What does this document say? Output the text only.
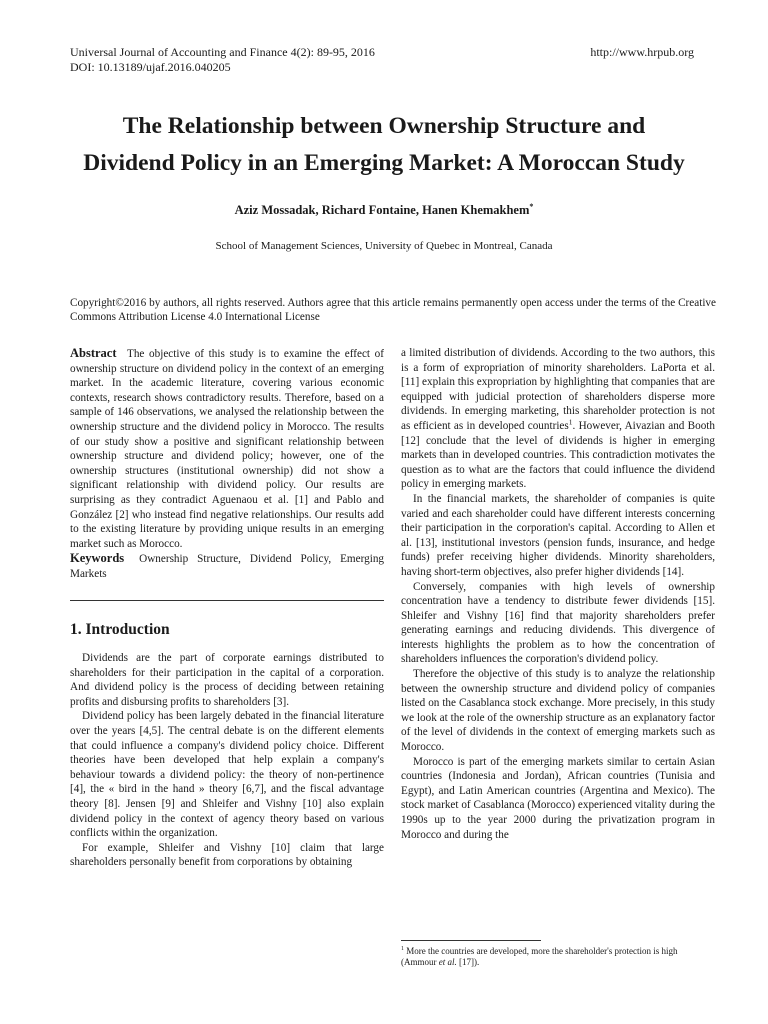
Universal Journal of Accounting and Finance 4(2): 89-95, 2016
DOI: 10.13189/ujaf.2016.040205
http://www.hrpub.org
The Relationship between Ownership Structure and
Dividend Policy in an Emerging Market: A Moroccan Study
Aziz Mossadak, Richard Fontaine, Hanen Khemakhem*
School of Management Sciences, University of Quebec in Montreal, Canada
Copyright©2016 by authors, all rights reserved. Authors agree that this article remains permanently open access under the terms of the Creative Commons Attribution License 4.0 International License

Abstract The objective of this study is to examine the effect of ownership structure on dividend policy in the context of an emerging market. In the academic literature, covering various economic contexts, research shows contradictory results. Therefore, based on a sample of 146 observations, we analysed the relationship between the ownership structure and the dividend policy in Morocco. The results of our study show a positive and significant relationship between ownership structure and dividend policy; however, one of the ownership structures (institutional ownership) did not show a significant relationship with dividend policy. Our results are surprising as they contradict Aguenaou et al. [1] and Pablo and González [2] who instead find negative relationships. Our results add to the existing literature by providing unique results in an emerging market such as Morocco.

Keywords Ownership Structure, Dividend Policy, Emerging Markets

1. Introduction

Dividends are the part of corporate earnings distributed to shareholders for their participation in the capital of a corporation. And dividend policy is the process of deciding between retaining profits and disbursing profits to shareholders [3].

Dividend policy has been largely debated in the financial literature over the years [4,5]. The central debate is on the different elements that could influence a company's dividend policy choice. Different theories have been developed that help explain a company's behaviour towards a dividend policy: the theory of non-pertinence [4], the « bird in the hand » theory [6,7], and the fiscal advantage theory [8]. Jensen [9] and Shleifer and Vishny [10] also explain dividend policy in the context of agency theory based on various conflicts within the organization.

For example, Shleifer and Vishny [10] claim that large shareholders personally benefit from corporations by obtaining

a limited distribution of dividends. According to the two authors, this is a form of expropriation of minority shareholders. LaPorta et al. [11] explain this expropriation by highlighting that companies that are equipped with judicial protection of shareholders disperse more dividends. In emerging marketing, this shareholder protection is not as efficient as in developed countries$^1$. However, Aivazian and Booth [12] conclude that the level of dividends is higher in emerging markets than in developed countries. This contradiction motivates the question as to what are the factors that could influence the dividend policy in emerging markets.

In the financial markets, the shareholder of companies is quite varied and each shareholder could have different interests concerning their participation in the corporation's capital. According to Allen et al. [13], institutional investors (pension funds, insurance, and hedge funds) prefer receiving higher dividends. Minority shareholders, having short-term objectives, also prefer higher dividends [14].

Conversely, companies with high levels of ownership concentration have a tendency to distribute fewer dividends [15]. Shleifer and Vishny [16] find that majority shareholders prefer generating earnings and reducing dividends. This divergence of interests highlights the problem as to how the concentration of shareholders influences the corporation's dividend policy.

Therefore the objective of this study is to analyze the relationship between the ownership structure and dividend policy of companies listed on the Casablanca stock exchange. More precisely, in this study we look at the role of the ownership structure as an explanatory factor of the level of dividends in the context of emerging markets such as Morocco.

Morocco is part of the emerging markets similar to certain Asian countries (Indonesia and Jordan), African countries (Tunisia and Egypt), and Latin American countries (Argentina and Mexico). The stock market of Casablanca (Morocco) experienced vitality during the 1990s up to the year 2000 during the privatization program in Morocco and during the

$^1$ More the countries are developed, more the shareholder's protection is high (Ammour et al. [17]).
